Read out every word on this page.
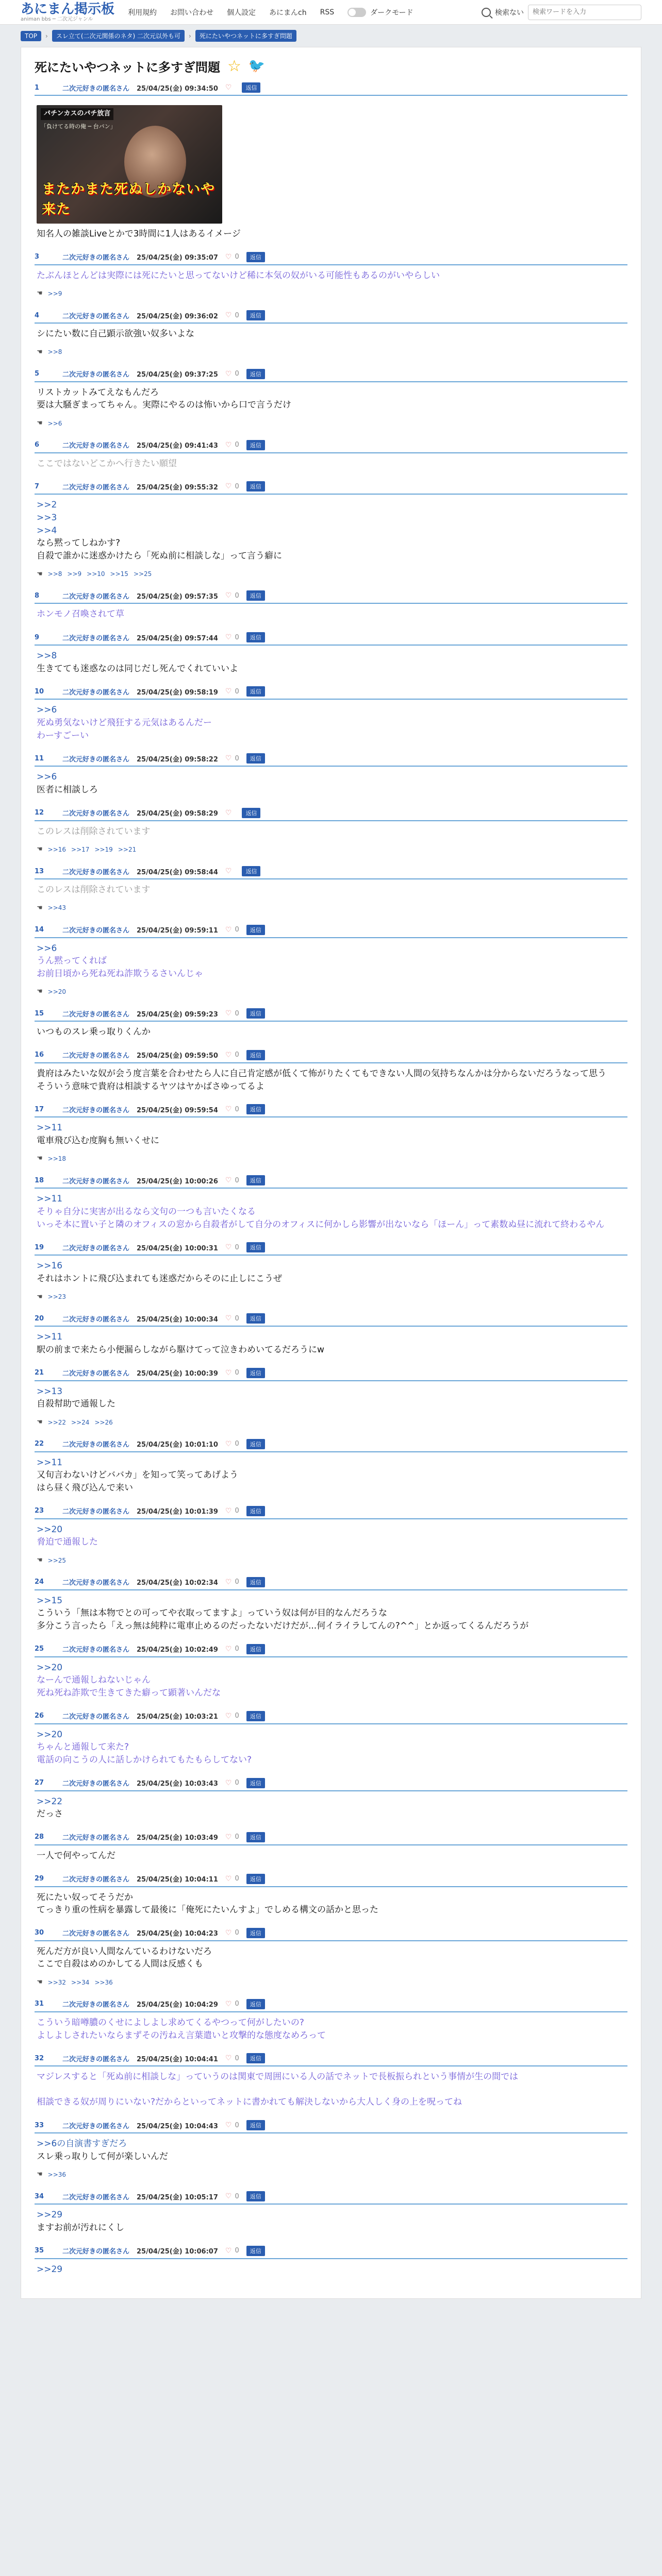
あにまん掲示板
animan bbs ─ 二次元ジャンル
利用規約 お問い合わせ 個人設定 あにまんch RSS	ダークモード	検索ない
検索ワードを入力
TOP	›	スレ立て(二次元関係のネタ) 二次元以外も可	›	死にたいやつネットに多すぎ問題
死にたいやつネットに多すぎ問題 ☆ 🐦
1	二次元好きの匿名さん 25/04/25(金) 09:34:50 ♡	返信
パチンカスのパチ放言
「負けてる時の俺 ─ 台パン」
またかまた死ぬしかないや来た
知名人の雑談Liveとかで3時間に1人はあるイメージ
3	二次元好きの匿名さん 25/04/25(金) 09:35:07 ♡ 0	返信
たぶんほとんどは実際には死にたいと思ってないけど稀に本気の奴がいる可能性もあるのがいやらしい
☚ >>9
4	二次元好きの匿名さん 25/04/25(金) 09:36:02 ♡ 0	返信
シにたい数に自己顕示欲強い奴多いよな
☚ >>8
5	二次元好きの匿名さん 25/04/25(金) 09:37:25 ♡ 0	返信
リストカットみてえなもんだろ
要は大騒ぎまってちゃん。実際にやるのは怖いから口で言うだけ
☚ >>6
6	二次元好きの匿名さん 25/04/25(金) 09:41:43 ♡ 0	返信
ここではないどこかへ行きたい願望
7	二次元好きの匿名さん 25/04/25(金) 09:55:32 ♡ 0	返信
>>2
>>3
>>4
なら黙ってしねかす?
自殺で誰かに迷惑かけたら「死ぬ前に相談しな」って言う癖に
☚ >>8 >>9 >>10 >>15 >>25
8	二次元好きの匿名さん 25/04/25(金) 09:57:35 ♡ 0	返信
ホンモノ召喚されて草
9	二次元好きの匿名さん 25/04/25(金) 09:57:44 ♡ 0	返信
>>8
生きてても迷惑なのは同じだし死んでくれていいよ
10	二次元好きの匿名さん 25/04/25(金) 09:58:19 ♡ 0	返信
>>6
死ぬ勇気ないけど飛狂する元気はあるんだー
わーすごーい
11	二次元好きの匿名さん 25/04/25(金) 09:58:22 ♡ 0	返信
>>6
医者に相談しろ
12	二次元好きの匿名さん 25/04/25(金) 09:58:29 ♡	返信
このレスは削除されています
☚ >>16 >>17 >>19 >>21
13	二次元好きの匿名さん 25/04/25(金) 09:58:44 ♡	返信
このレスは削除されています
☚ >>43
14	二次元好きの匿名さん 25/04/25(金) 09:59:11 ♡ 0	返信
>>6
うん黙ってくれば
お前日頃から死ね死ね詐欺うるさいんじゃ
☚ >>20
15	二次元好きの匿名さん 25/04/25(金) 09:59:23 ♡ 0	返信
いつものスレ乗っ取りくんか
16	二次元好きの匿名さん 25/04/25(金) 09:59:50 ♡ 0	返信
貴府はみたいな奴が会う度言葉を合わせたら人に自己肯定感が低くて怖がりたくてもできない人間の気持ちなんかは分からないだろうなって思う
そういう意味で貴府は相談するヤツはヤかばさゆってるよ
17	二次元好きの匿名さん 25/04/25(金) 09:59:54 ♡ 0	返信
>>11
電車飛び込む度胸も無いくせに
☚ >>18
18	二次元好きの匿名さん 25/04/25(金) 10:00:26 ♡ 0	返信
>>11
そりゃ自分に実害が出るなら文句の一つも言いたくなる
いっそ本に置い子と隣のオフィスの窓から自殺者がして自分のオフィスに何かしら影響が出ないなら「ほーん」って素数ぬ昼に流れて終わるやん
19	二次元好きの匿名さん 25/04/25(金) 10:00:31 ♡ 0	返信
>>16
それはホントに飛び込まれても迷惑だからそのに止しにこうぜ
☚ >>23
20	二次元好きの匿名さん 25/04/25(金) 10:00:34 ♡ 0	返信
>>11
駅の前まで来たら小便漏らしながら駆けてって泣きわめいてるだろうにw
21	二次元好きの匿名さん 25/04/25(金) 10:00:39 ♡ 0	返信
>>13
自殺幇助で通報した
☚ >>22 >>24 >>26
22	二次元好きの匿名さん 25/04/25(金) 10:01:10 ♡ 0	返信
>>11
又旬言わないけどババカ」を知って笑ってあげよう
はら昼く飛び込んで来い
23	二次元好きの匿名さん 25/04/25(金) 10:01:39 ♡ 0	返信
>>20
脅迫で通報した
☚ >>25
24	二次元好きの匿名さん 25/04/25(金) 10:02:34 ♡ 0	返信
>>15
こういう「無は本物でとの可ってや衣取ってますよ」っていう奴は何が目的なんだろうな
多分こう言ったら「えっ無は純粋に電車止めるのだったないだけだが...何イライラしてんの?^^」とか返ってくるんだろうが
25	二次元好きの匿名さん 25/04/25(金) 10:02:49 ♡ 0	返信
>>20
なーんで通報しねないじゃん
死ね死ね詐欺で生きてきた癖って顕著いんだな
26	二次元好きの匿名さん 25/04/25(金) 10:03:21 ♡ 0	返信
>>20
ちゃんと通報して来た?
電話の向こうの人に話しかけられてもたもらしてない?
27	二次元好きの匿名さん 25/04/25(金) 10:03:43 ♡ 0	返信
>>22
だっさ
28	二次元好きの匿名さん 25/04/25(金) 10:03:49 ♡ 0	返信
一人で何やってんだ
29	二次元好きの匿名さん 25/04/25(金) 10:04:11 ♡ 0	返信
死にたい奴ってそうだか
てっきり重の性病を暴露して最後に「俺死にたいんすよ」でしめる構文の話かと思った
30	二次元好きの匿名さん 25/04/25(金) 10:04:23 ♡ 0	返信
死んだ方が良い人間なんているわけないだろ
ここで自殺はめのかしてる人間は反感くも
☚ >>32 >>34 >>36
31	二次元好きの匿名さん 25/04/25(金) 10:04:29 ♡ 0	返信
こういう暗噂膿のくせによしよし求めてくるやつって何がしたいの?
よしよしされたいならまずその汚ねえ言葉遣いと攻撃的な態度なめろって
32	二次元好きの匿名さん 25/04/25(金) 10:04:41 ♡ 0	返信
マジレスすると「死ぬ前に相談しな」っていうのは関東で周囲にいる人の話でネットで長板振られという事情が生の間では

相談できる奴が周りにいない?だからといってネットに書かれても解決しないから大人しく身の上を呪ってね
33	二次元好きの匿名さん 25/04/25(金) 10:04:43 ♡ 0	返信
>>6の自演書すぎだろ
スレ乗っ取りして何が楽しいんだ
☚ >>36
34	二次元好きの匿名さん 25/04/25(金) 10:05:17 ♡ 0	返信
>>29
ますお前が汚れにくし
35	二次元好きの匿名さん 25/04/25(金) 10:06:07 ♡ 0	返信
>>29
